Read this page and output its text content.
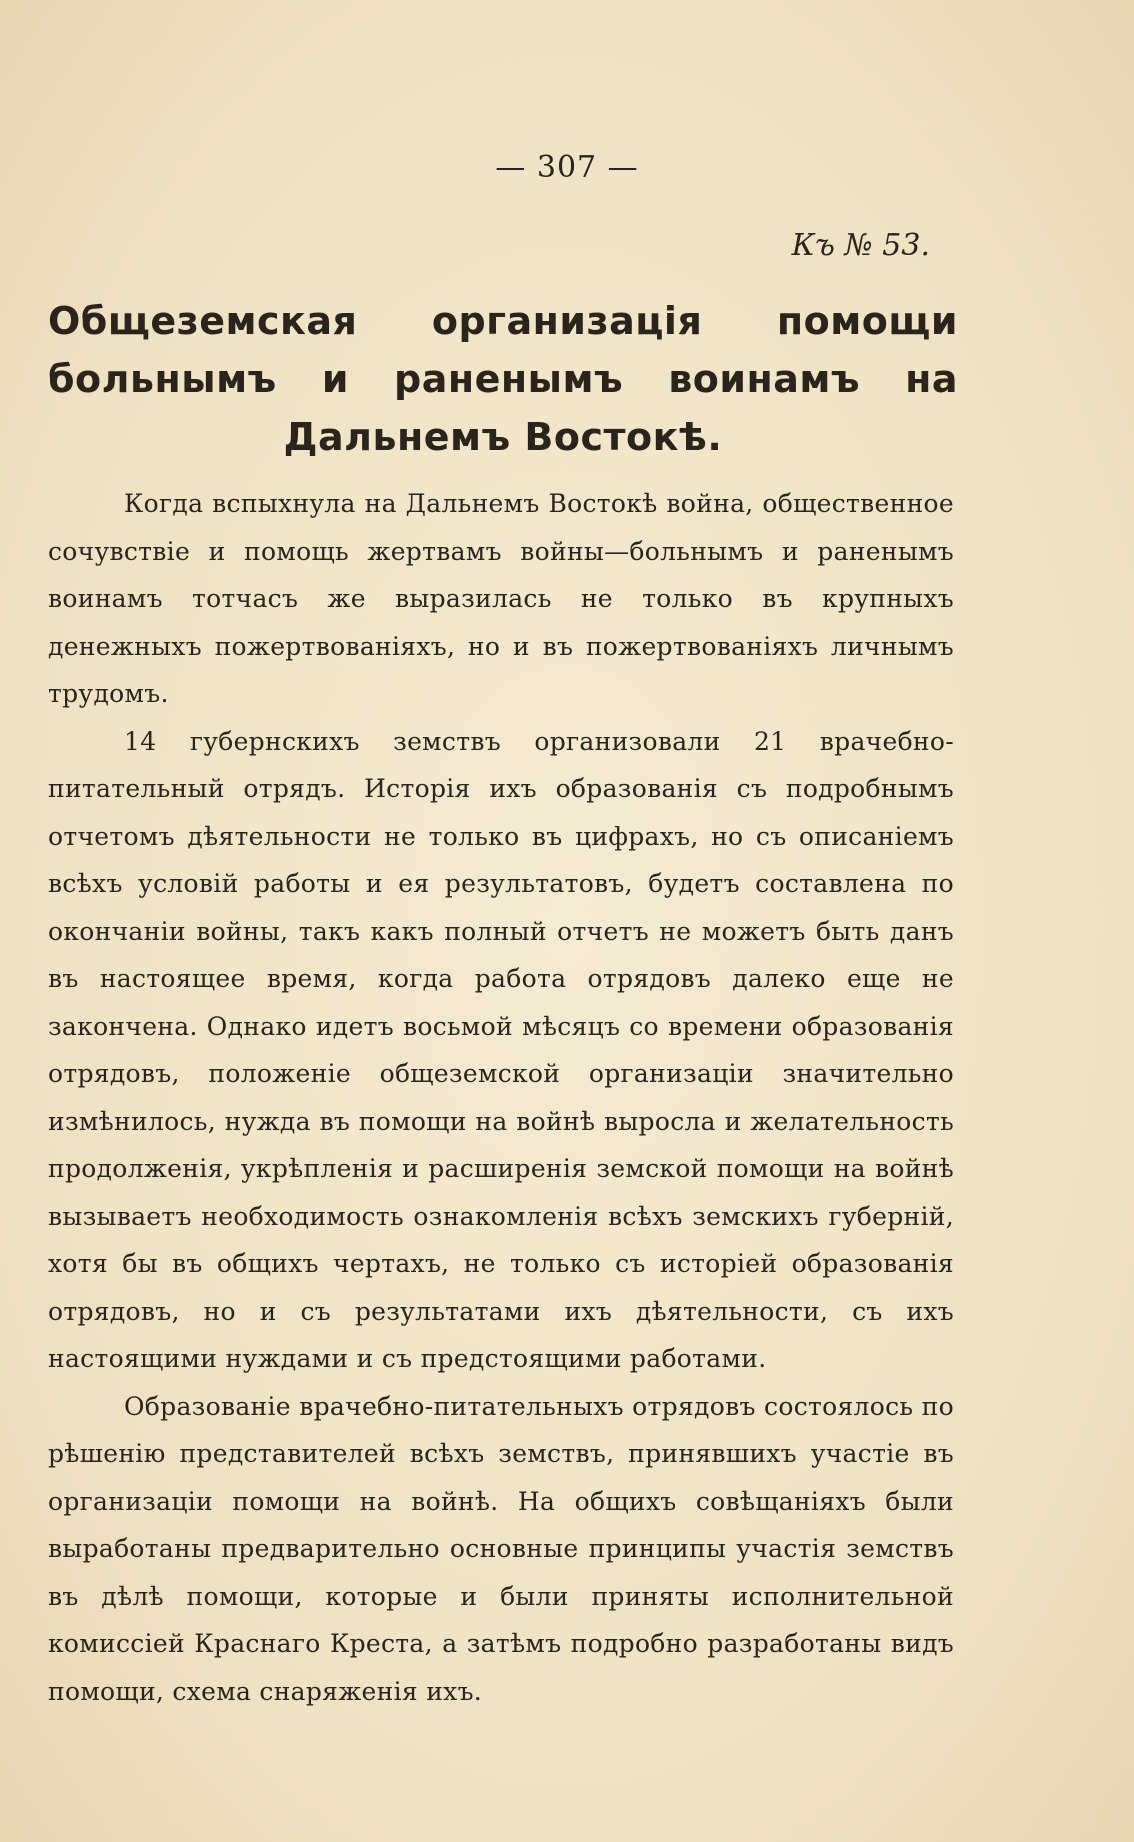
— 307 —
Къ № 53.
Общеземская организація помощи больнымъ и раненымъ воинамъ на Дальнемъ Востокѣ.

Когда вспыхнула на Дальнемъ Востокѣ война, общественное сочувствіе и помощь жертвамъ войны—больнымъ и раненымъ воинамъ тотчасъ же выразилась не только въ крупныхъ денежныхъ пожертвованіяхъ, но и въ пожертвованіяхъ личнымъ трудомъ.

14 губернскихъ земствъ организовали 21 врачебно-питательный отрядъ. Исторія ихъ образованія съ подробнымъ отчетомъ дѣятельности не только въ цифрахъ, но съ описаніемъ всѣхъ условій работы и ея результатовъ, будетъ составлена по окончаніи войны, такъ какъ полный отчетъ не можетъ быть данъ въ настоящее время, когда работа отрядовъ далеко еще не закончена. Однако идетъ восьмой мѣсяцъ со времени образованія отрядовъ, положеніе общеземской организаціи значительно измѣнилось, нужда въ помощи на войнѣ выросла и желательность продолженія, укрѣпленія и расширенія земской помощи на войнѣ вызываетъ необходимость ознакомленія всѣхъ земскихъ губерній, хотя бы въ общихъ чертахъ, не только съ исторіей образованія отрядовъ, но и съ результатами ихъ дѣятельности, съ ихъ настоящими нуждами и съ предстоящими работами.

Образованіе врачебно-питательныхъ отрядовъ состоялось по рѣшенію представителей всѣхъ земствъ, принявшихъ участіе въ организаціи помощи на войнѣ. На общихъ совѣщаніяхъ были выработаны предварительно основные принципы участія земствъ въ дѣлѣ помощи, которые и были приняты исполнительной комиссіей Краснаго Креста, а затѣмъ подробно разработаны видъ помощи, схема снаряженія ихъ.
